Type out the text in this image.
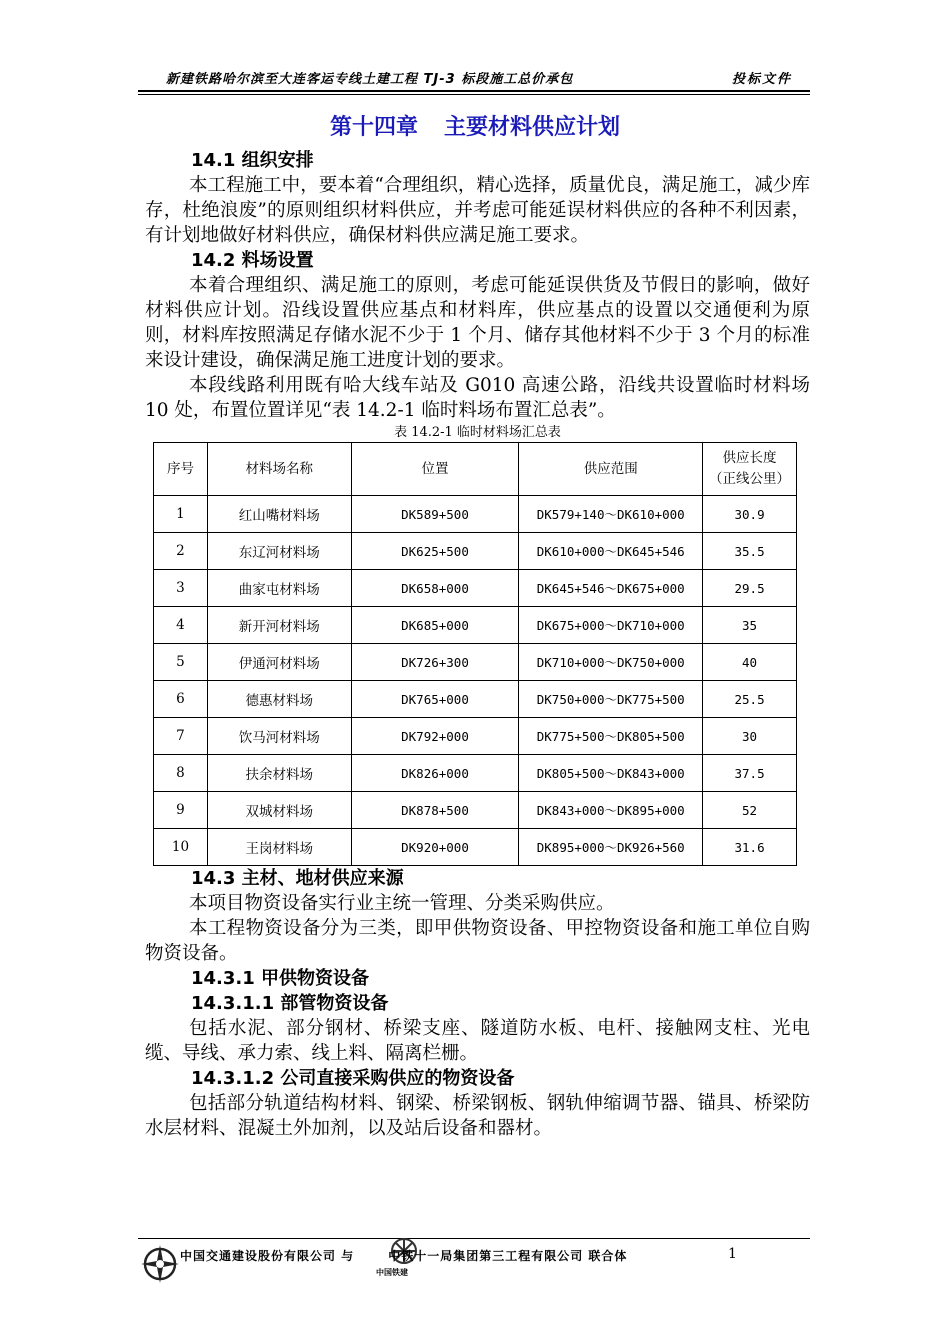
新建铁路哈尔滨至大连客运专线土建工程 TJ-3 标段施工总价承包	投标文件
第十四章 主要材料供应计划
14.1 组织安排
本工程施工中，要本着“合理组织，精心选择，质量优良，满足施工，减少库存，杜绝浪废”的原则组织材料供应，并考虑可能延误材料供应的各种不利因素，有计划地做好材料供应，确保材料供应满足施工要求。
14.2 料场设置
本着合理组织、满足施工的原则，考虑可能延误供货及节假日的影响，做好材料供应计划。沿线设置供应基点和材料库，供应基点的设置以交通便利为原则，材料库按照满足存储水泥不少于 1 个月、储存其他材料不少于 3 个月的标准来设计建设，确保满足施工进度计划的要求。
本段线路利用既有哈大线车站及 G010 高速公路，沿线共设置临时材料场 10 处，布置位置详见“表 14.2-1 临时料场布置汇总表”。
表 14.2-1 临时材料场汇总表
序号	材料场名称	位置	供应范围	供应长度
（正线公里）

1	红山嘴材料场	DK589+500	DK579+140～DK610+000	30.9
2	东辽河材料场	DK625+500	DK610+000～DK645+546	35.5
3	曲家屯材料场	DK658+000	DK645+546～DK675+000	29.5
4	新开河材料场	DK685+000	DK675+000～DK710+000	35
5	伊通河材料场	DK726+300	DK710+000～DK750+000	40
6	德惠材料场	DK765+000	DK750+000～DK775+500	25.5
7	饮马河材料场	DK792+000	DK775+500～DK805+500	30
8	扶余材料场	DK826+000	DK805+500～DK843+000	37.5
9	双城材料场	DK878+500	DK843+000～DK895+000	52
10	王岗材料场	DK920+000	DK895+000～DK926+560	31.6
14.3 主材、地材供应来源
本项目物资设备实行业主统一管理、分类采购供应。
本工程物资设备分为三类，即甲供物资设备、甲控物资设备和施工单位自购物资设备。
14.3.1 甲供物资设备
14.3.1.1 部管物资设备
包括水泥、部分钢材、桥梁支座、隧道防水板、电杆、接触网支柱、光电缆、导线、承力索、线上料、隔离栏栅。
14.3.1.2 公司直接采购供应的物资设备
包括部分轨道结构材料、钢梁、桥梁钢板、钢轨伸缩调节器、锚具、桥梁防水层材料、混凝土外加剂，以及站后设备和器材。
中国交通建设股份有限公司 与	中铁十一局集团第三工程有限公司 联合体
中国铁建
1
